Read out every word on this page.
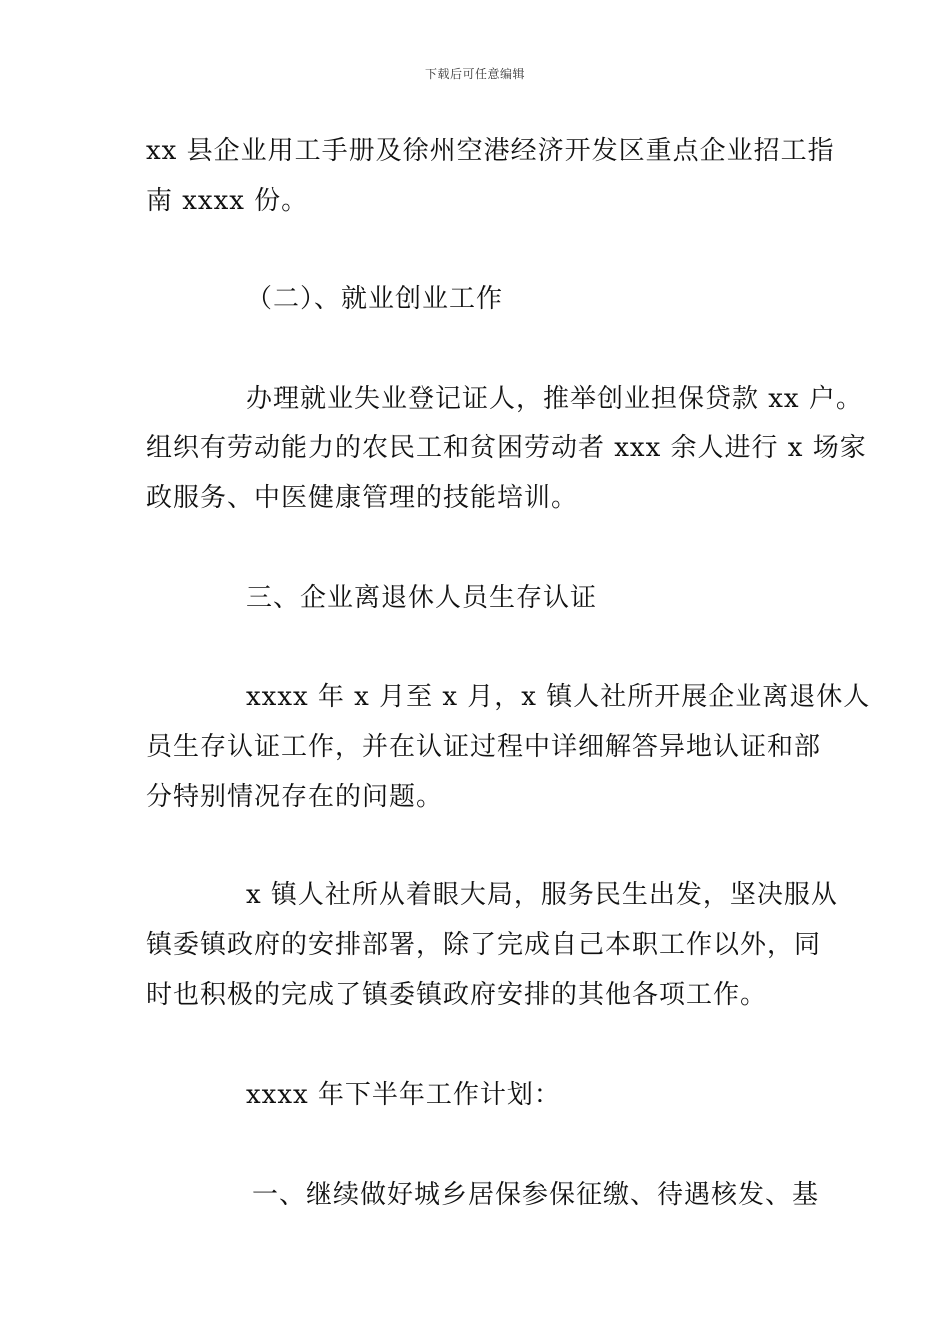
下载后可任意编辑
xx 县企业用工手册及徐州空港经济开发区重点企业招工指
南 xxxx 份。
（二）、就业创业工作
办理就业失业登记证人，推举创业担保贷款 xx 户。
组织有劳动能力的农民工和贫困劳动者 xxx 余人进行 x 场家
政服务、中医健康管理的技能培训。
三、企业离退休人员生存认证
xxxx 年 x 月至 x 月，x 镇人社所开展企业离退休人
员生存认证工作，并在认证过程中详细解答异地认证和部
分特别情况存在的问题。
x 镇人社所从着眼大局，服务民生出发，坚决服从
镇委镇政府的安排部署，除了完成自己本职工作以外，同
时也积极的完成了镇委镇政府安排的其他各项工作。
xxxx 年下半年工作计划：
一、继续做好城乡居保参保征缴、待遇核发、基
